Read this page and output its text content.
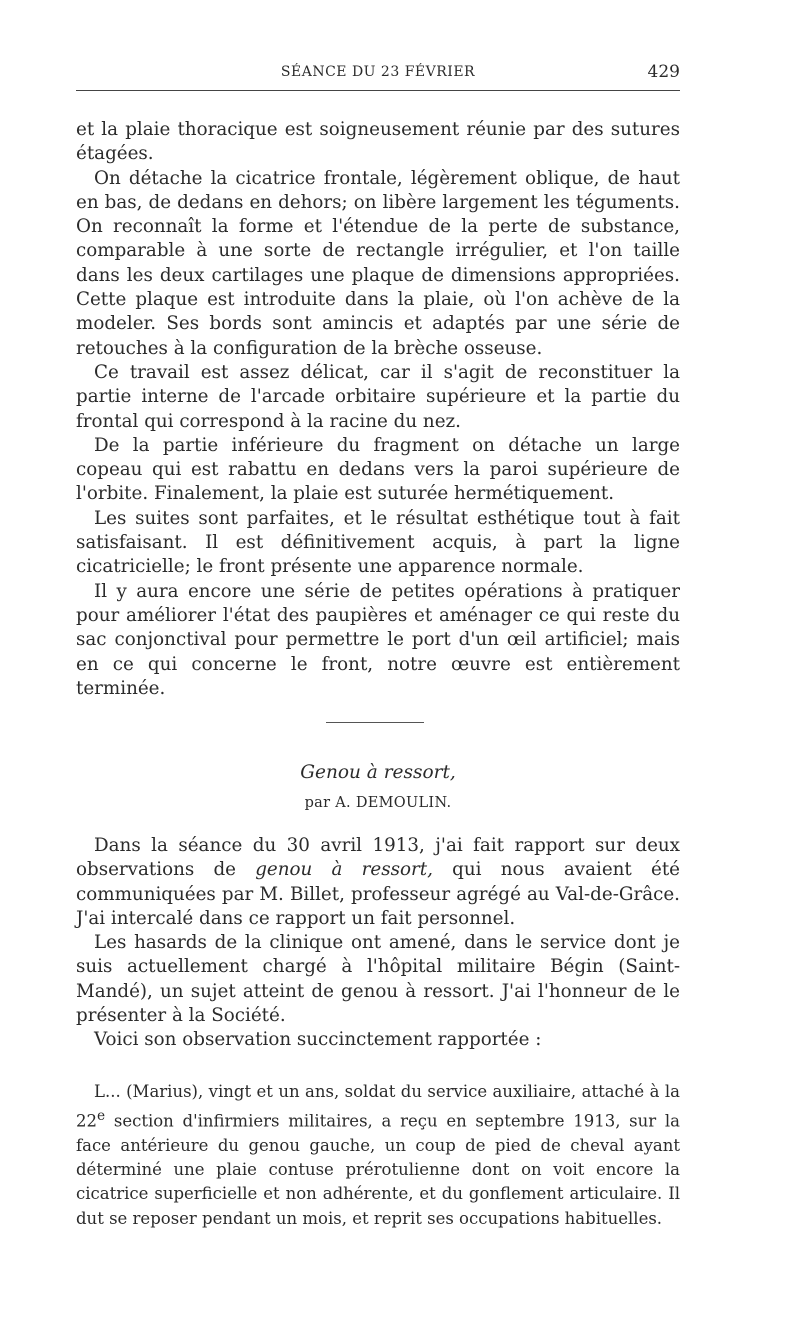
SÉANCE DU 23 FÉVRIER	429

et la plaie thoracique est soigneusement réunie par des sutures étagées.

On détache la cicatrice frontale, légèrement oblique, de haut en bas, de dedans en dehors; on libère largement les téguments. On reconnaît la forme et l'étendue de la perte de substance, comparable à une sorte de rectangle irrégulier, et l'on taille dans les deux cartilages une plaque de dimensions appropriées. Cette plaque est introduite dans la plaie, où l'on achève de la modeler. Ses bords sont amincis et adaptés par une série de retouches à la configuration de la brèche osseuse.

Ce travail est assez délicat, car il s'agit de reconstituer la partie interne de l'arcade orbitaire supérieure et la partie du frontal qui correspond à la racine du nez.

De la partie inférieure du fragment on détache un large copeau qui est rabattu en dedans vers la paroi supérieure de l'orbite. Finalement, la plaie est suturée hermétiquement.

Les suites sont parfaites, et le résultat esthétique tout à fait satisfaisant. Il est définitivement acquis, à part la ligne cicatricielle; le front présente une apparence normale.

Il y aura encore une série de petites opérations à pratiquer pour améliorer l'état des paupières et aménager ce qui reste du sac conjonctival pour permettre le port d'un œil artificiel; mais en ce qui concerne le front, notre œuvre est entièrement terminée.

Genou à ressort,
par A. DEMOULIN.

Dans la séance du 30 avril 1913, j'ai fait rapport sur deux observations de genou à ressort, qui nous avaient été communiquées par M. Billet, professeur agrégé au Val-de-Grâce. J'ai intercalé dans ce rapport un fait personnel.

Les hasards de la clinique ont amené, dans le service dont je suis actuellement chargé à l'hôpital militaire Bégin (Saint-Mandé), un sujet atteint de genou à ressort. J'ai l'honneur de le présenter à la Société.

Voici son observation succinctement rapportée :

L... (Marius), vingt et un ans, soldat du service auxiliaire, attaché à la 22e section d'infirmiers militaires, a reçu en septembre 1913, sur la face antérieure du genou gauche, un coup de pied de cheval ayant déterminé une plaie contuse prérotulienne dont on voit encore la cicatrice superficielle et non adhérente, et du gonflement articulaire. Il dut se reposer pendant un mois, et reprit ses occupations habituelles.
